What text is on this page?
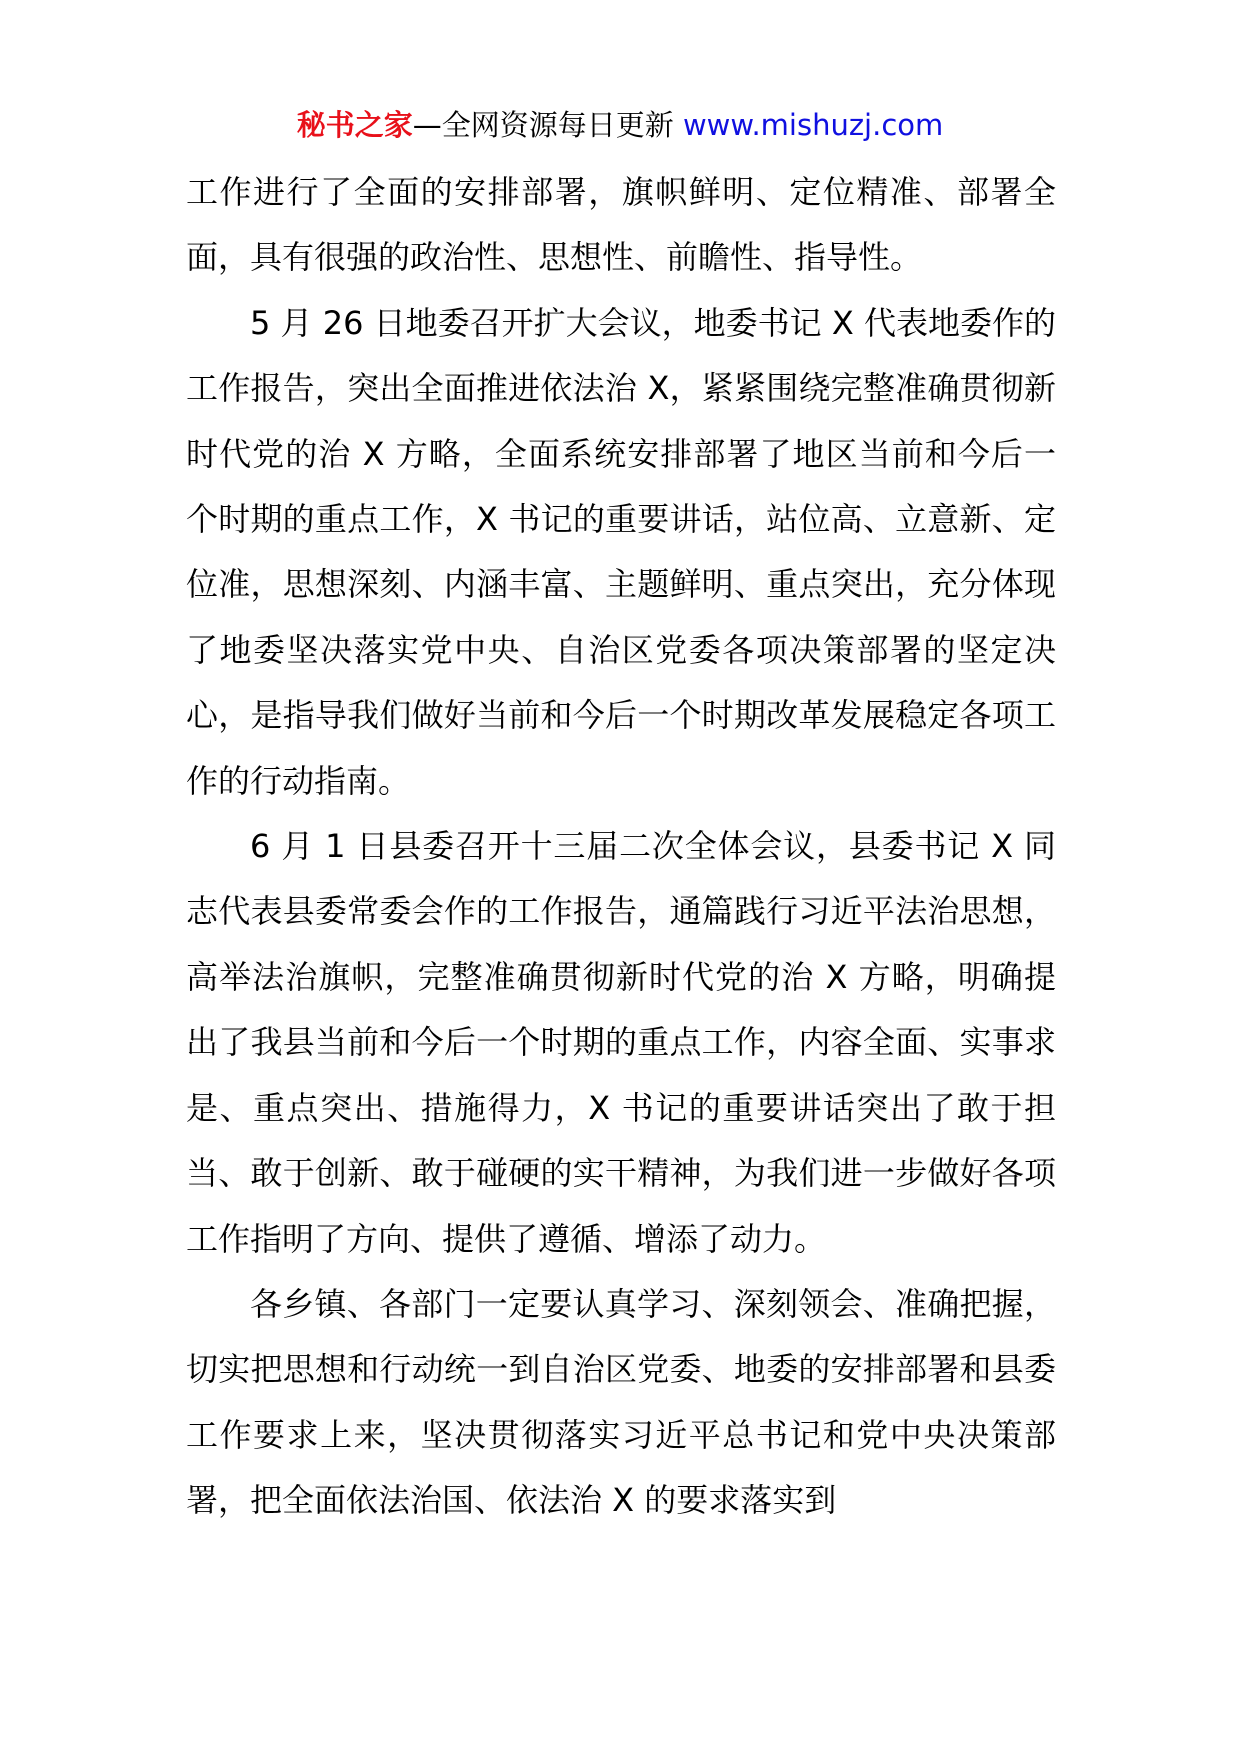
秘书之家—全网资源每日更新 www.mishuzj.com

工作进行了全面的安排部署，旗帜鲜明、定位精准、部署全面，具有很强的政治性、思想性、前瞻性、指导性。

5 月 26 日地委召开扩大会议，地委书记 X 代表地委作的工作报告，突出全面推进依法治 X，紧紧围绕完整准确贯彻新时代党的治 X 方略，全面系统安排部署了地区当前和今后一个时期的重点工作，X 书记的重要讲话，站位高、立意新、定位准，思想深刻、内涵丰富、主题鲜明、重点突出，充分体现了地委坚决落实党中央、自治区党委各项决策部署的坚定决心，是指导我们做好当前和今后一个时期改革发展稳定各项工作的行动指南。

6 月 1 日县委召开十三届二次全体会议，县委书记 X 同志代表县委常委会作的工作报告，通篇践行习近平法治思想，高举法治旗帜，完整准确贯彻新时代党的治 X 方略，明确提出了我县当前和今后一个时期的重点工作，内容全面、实事求是、重点突出、措施得力，X 书记的重要讲话突出了敢于担当、敢于创新、敢于碰硬的实干精神，为我们进一步做好各项工作指明了方向、提供了遵循、增添了动力。

各乡镇、各部门一定要认真学习、深刻领会、准确把握，切实把思想和行动统一到自治区党委、地委的安排部署和县委工作要求上来，坚决贯彻落实习近平总书记和党中央决策部署，把全面依法治国、依法治 X 的要求落实到
